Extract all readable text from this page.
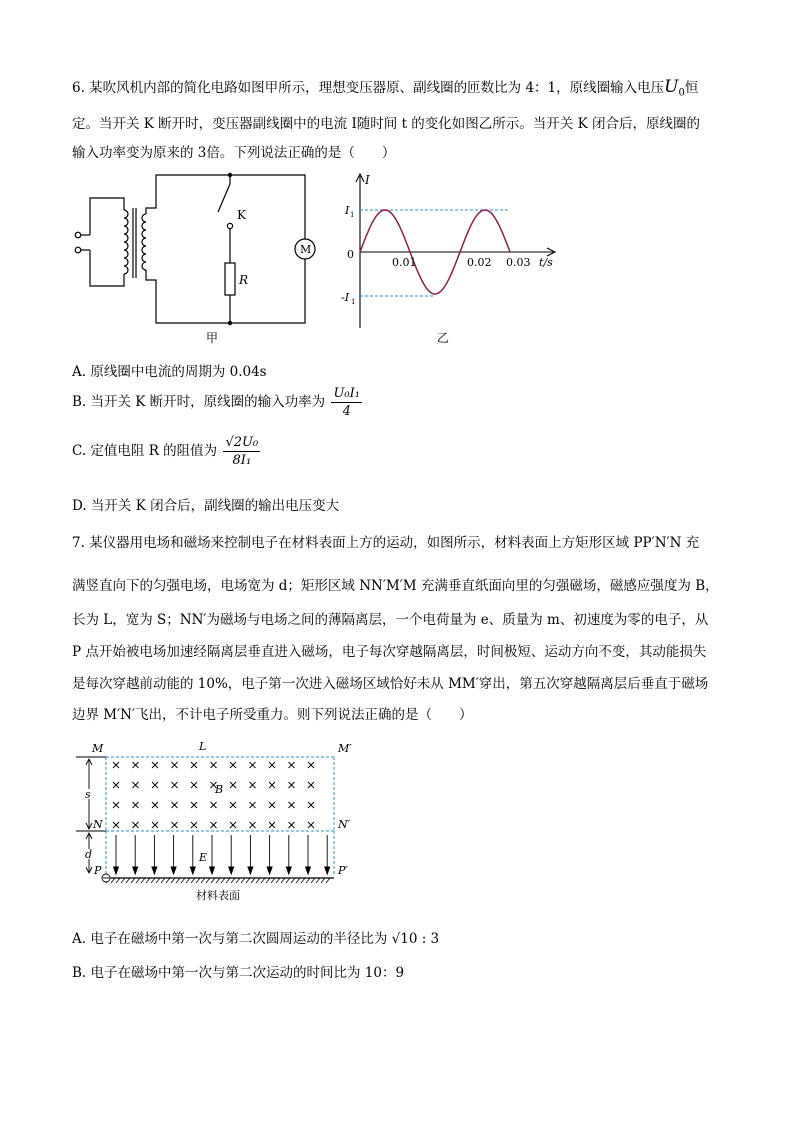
6. 某吹风机内部的简化电路如图甲所示，理想变压器原、副线圈的匝数比为 4：1，原线圈输入电压$U_0$恒
定。当开关 K 断开时，变压器副线圈中的电流 I随时间 t 的变化如图乙所示。当开关 K 闭合后，原线圈的
输入功率变为原来的 3倍。下列说法正确的是（　　）
K
R
M
甲
I
I 1
0
-I 1
0.01	0.02 0.03 t/s
乙
A. 原线圈中电流的周期为 0.04s
B. 当开关 K 断开时，原线圈的输入功率为 $\frac{\text{U₀I₁}}{4}$
C. 定值电阻 R 的阻值为 $\frac{\text{√2U₀}}{\text{8I₁}}$
D. 当开关 K 闭合后，副线圈的输出电压变大
7. 某仪器用电场和磁场来控制电子在材料表面上方的运动，如图所示，材料表面上方矩形区域 PP′N′N 充
满竖直向下的匀强电场，电场宽为 d；矩形区域 NN′M′M 充满垂直纸面向里的匀强磁场，磁感应强度为 B，
长为 L，宽为 S；NN′为磁场与电场之间的薄隔离层，一个电荷量为 e、质量为 m、初速度为零的电子，从
P 点开始被电场加速经隔离层垂直进入磁场，电子每次穿越隔离层，时间极短、运动方向不变，其动能损失
是每次穿越前动能的 10%，电子第一次进入磁场区域恰好未从 MM′穿出，第五次穿越隔离层后垂直于磁场
边界 M′N′飞出，不计电子所受重力。则下列说法正确的是（　　）
M	L	M′
s	B
N	N′
d	E
P	P′
材料表面
A. 电子在磁场中第一次与第二次圆周运动的半径比为 √10 : 3
B. 电子在磁场中第一次与第二次运动的时间比为 10：9
